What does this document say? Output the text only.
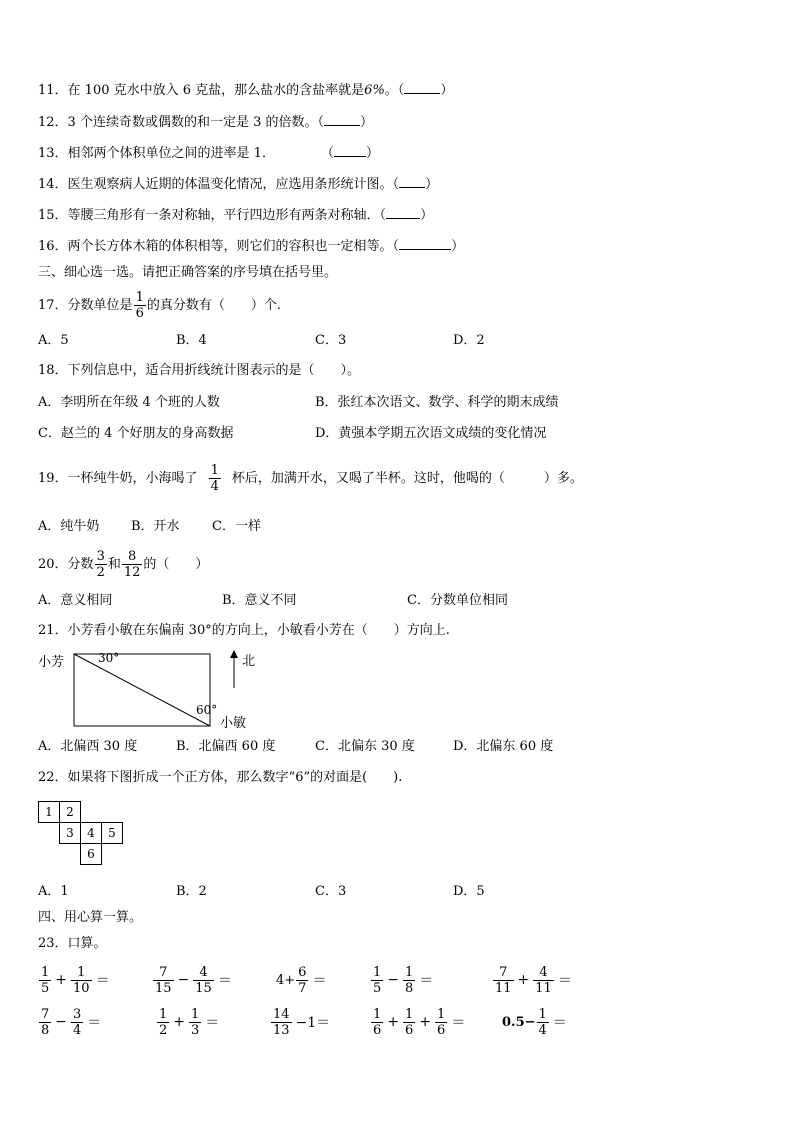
11．在 100 克水中放入 6 克盐，那么盐水的含盐率就是6%。（	）
12．3 个连续奇数或偶数的和一定是 3 的倍数。（	）
13．相邻两个体积单位之间的进率是 1．	（ ）
14．医生观察病人近期的体温变化情况，应选用条形统计图。（ ）
15．等腰三角形有一条对称轴，平行四边形有两条对称轴．（	）
16．两个长方体木箱的体积相等，则它们的容积也一定相等。（	）
三、细心选一选。请把正确答案的序号填在括号里。
17．分数单位是 $\frac{1}{6}$ 的真分数有（　　）个.
A．5	B．4	C．3	D．2
18．下列信息中，适合用折线统计图表示的是（　　）。
A．李明所在年级 4 个班的人数	B．张红本次语文、数学、科学的期末成绩
C．赵兰的 4 个好朋友的身高数据	D．黄强本学期五次语文成绩的变化情况
19．一杯纯牛奶，小海喝了 $\frac{1}{4}$ 杯后，加满开水，又喝了半杯。这时，他喝的（　　　）多。
A．纯牛奶 B．开水 C．一样
20．分数 $\frac{3}{2}$ 和 $\frac{8}{12}$ 的（　　）
A．意义相同	B．意义不同	C．分数单位相同
21．小芳看小敏在东偏南 30°的方向上，小敏看小芳在（　　）方向上.
小芳	30°
60°
小敏
北
A．北偏西 30 度	B．北偏西 60 度	C．北偏东 30 度	D．北偏东 60 度
22．如果将下图折成一个正方体，那么数字“6”的对面是(　　).
1	2		
	3	4	5
		6	
A．1	B．2	C．3	D．5
四、用心算一算。
23．口算。
$\frac{1}{5} + \frac{1}{10}$ ＝	$\frac{7}{15} - \frac{4}{15}$ ＝	$4+ \frac{6}{7}$ ＝	$\frac{1}{5} - \frac{1}{8}$ ＝	$\frac{7}{11} + \frac{4}{11}$ ＝
$\frac{7}{8} - \frac{3}{4}$ ＝	$\frac{1}{2} + \frac{1}{3}$ ＝	$\frac{14}{13} -1=$	$\frac{1}{6} + \frac{1}{6} + \frac{1}{6}$ ＝	$0.5- \frac{1}{4}$ ＝
